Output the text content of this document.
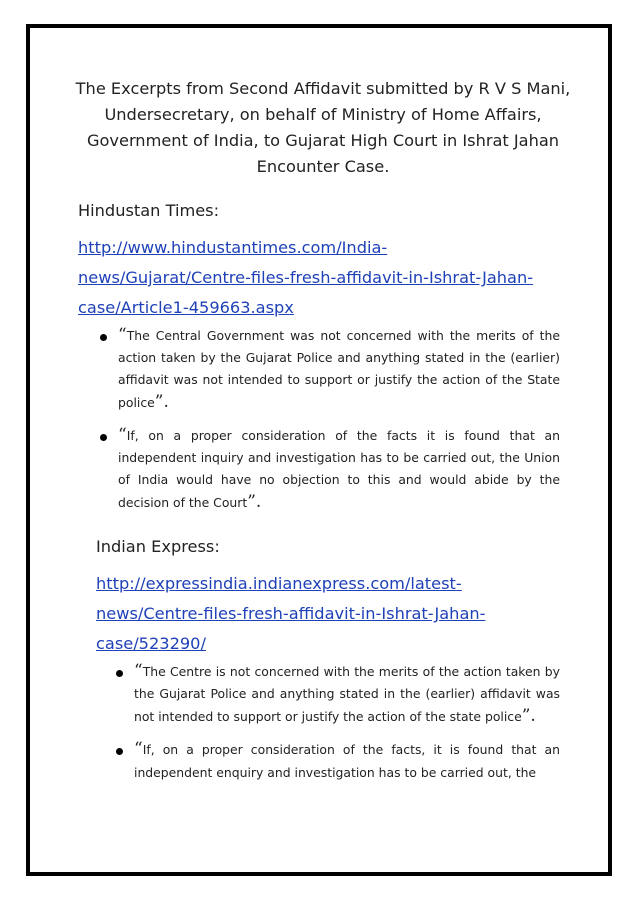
The Excerpts from Second Affidavit submitted by R V S Mani, Undersecretary, on behalf of Ministry of Home Affairs, Government of India, to Gujarat High Court in Ishrat Jahan Encounter Case.
Hindustan Times:
http://www.hindustantimes.com/India-
news/Gujarat/Centre-files-fresh-affidavit-in-Ishrat-Jahan-
case/Article1-459663.aspx
“The Central Government was not concerned with the merits of the action taken by the Gujarat Police and anything stated in the (earlier) affidavit was not intended to support or justify the action of the State police”.
“If, on a proper consideration of the facts it is found that an independent inquiry and investigation has to be carried out, the Union of India would have no objection to this and would abide by the decision of the Court”.
Indian Express:
http://expressindia.indianexpress.com/latest-
news/Centre-files-fresh-affidavit-in-Ishrat-Jahan-
case/523290/
“The Centre is not concerned with the merits of the action taken by the Gujarat Police and anything stated in the (earlier) affidavit was not intended to support or justify the action of the state police”.
“If, on a proper consideration of the facts, it is found that an independent enquiry and investigation has to be carried out, the
